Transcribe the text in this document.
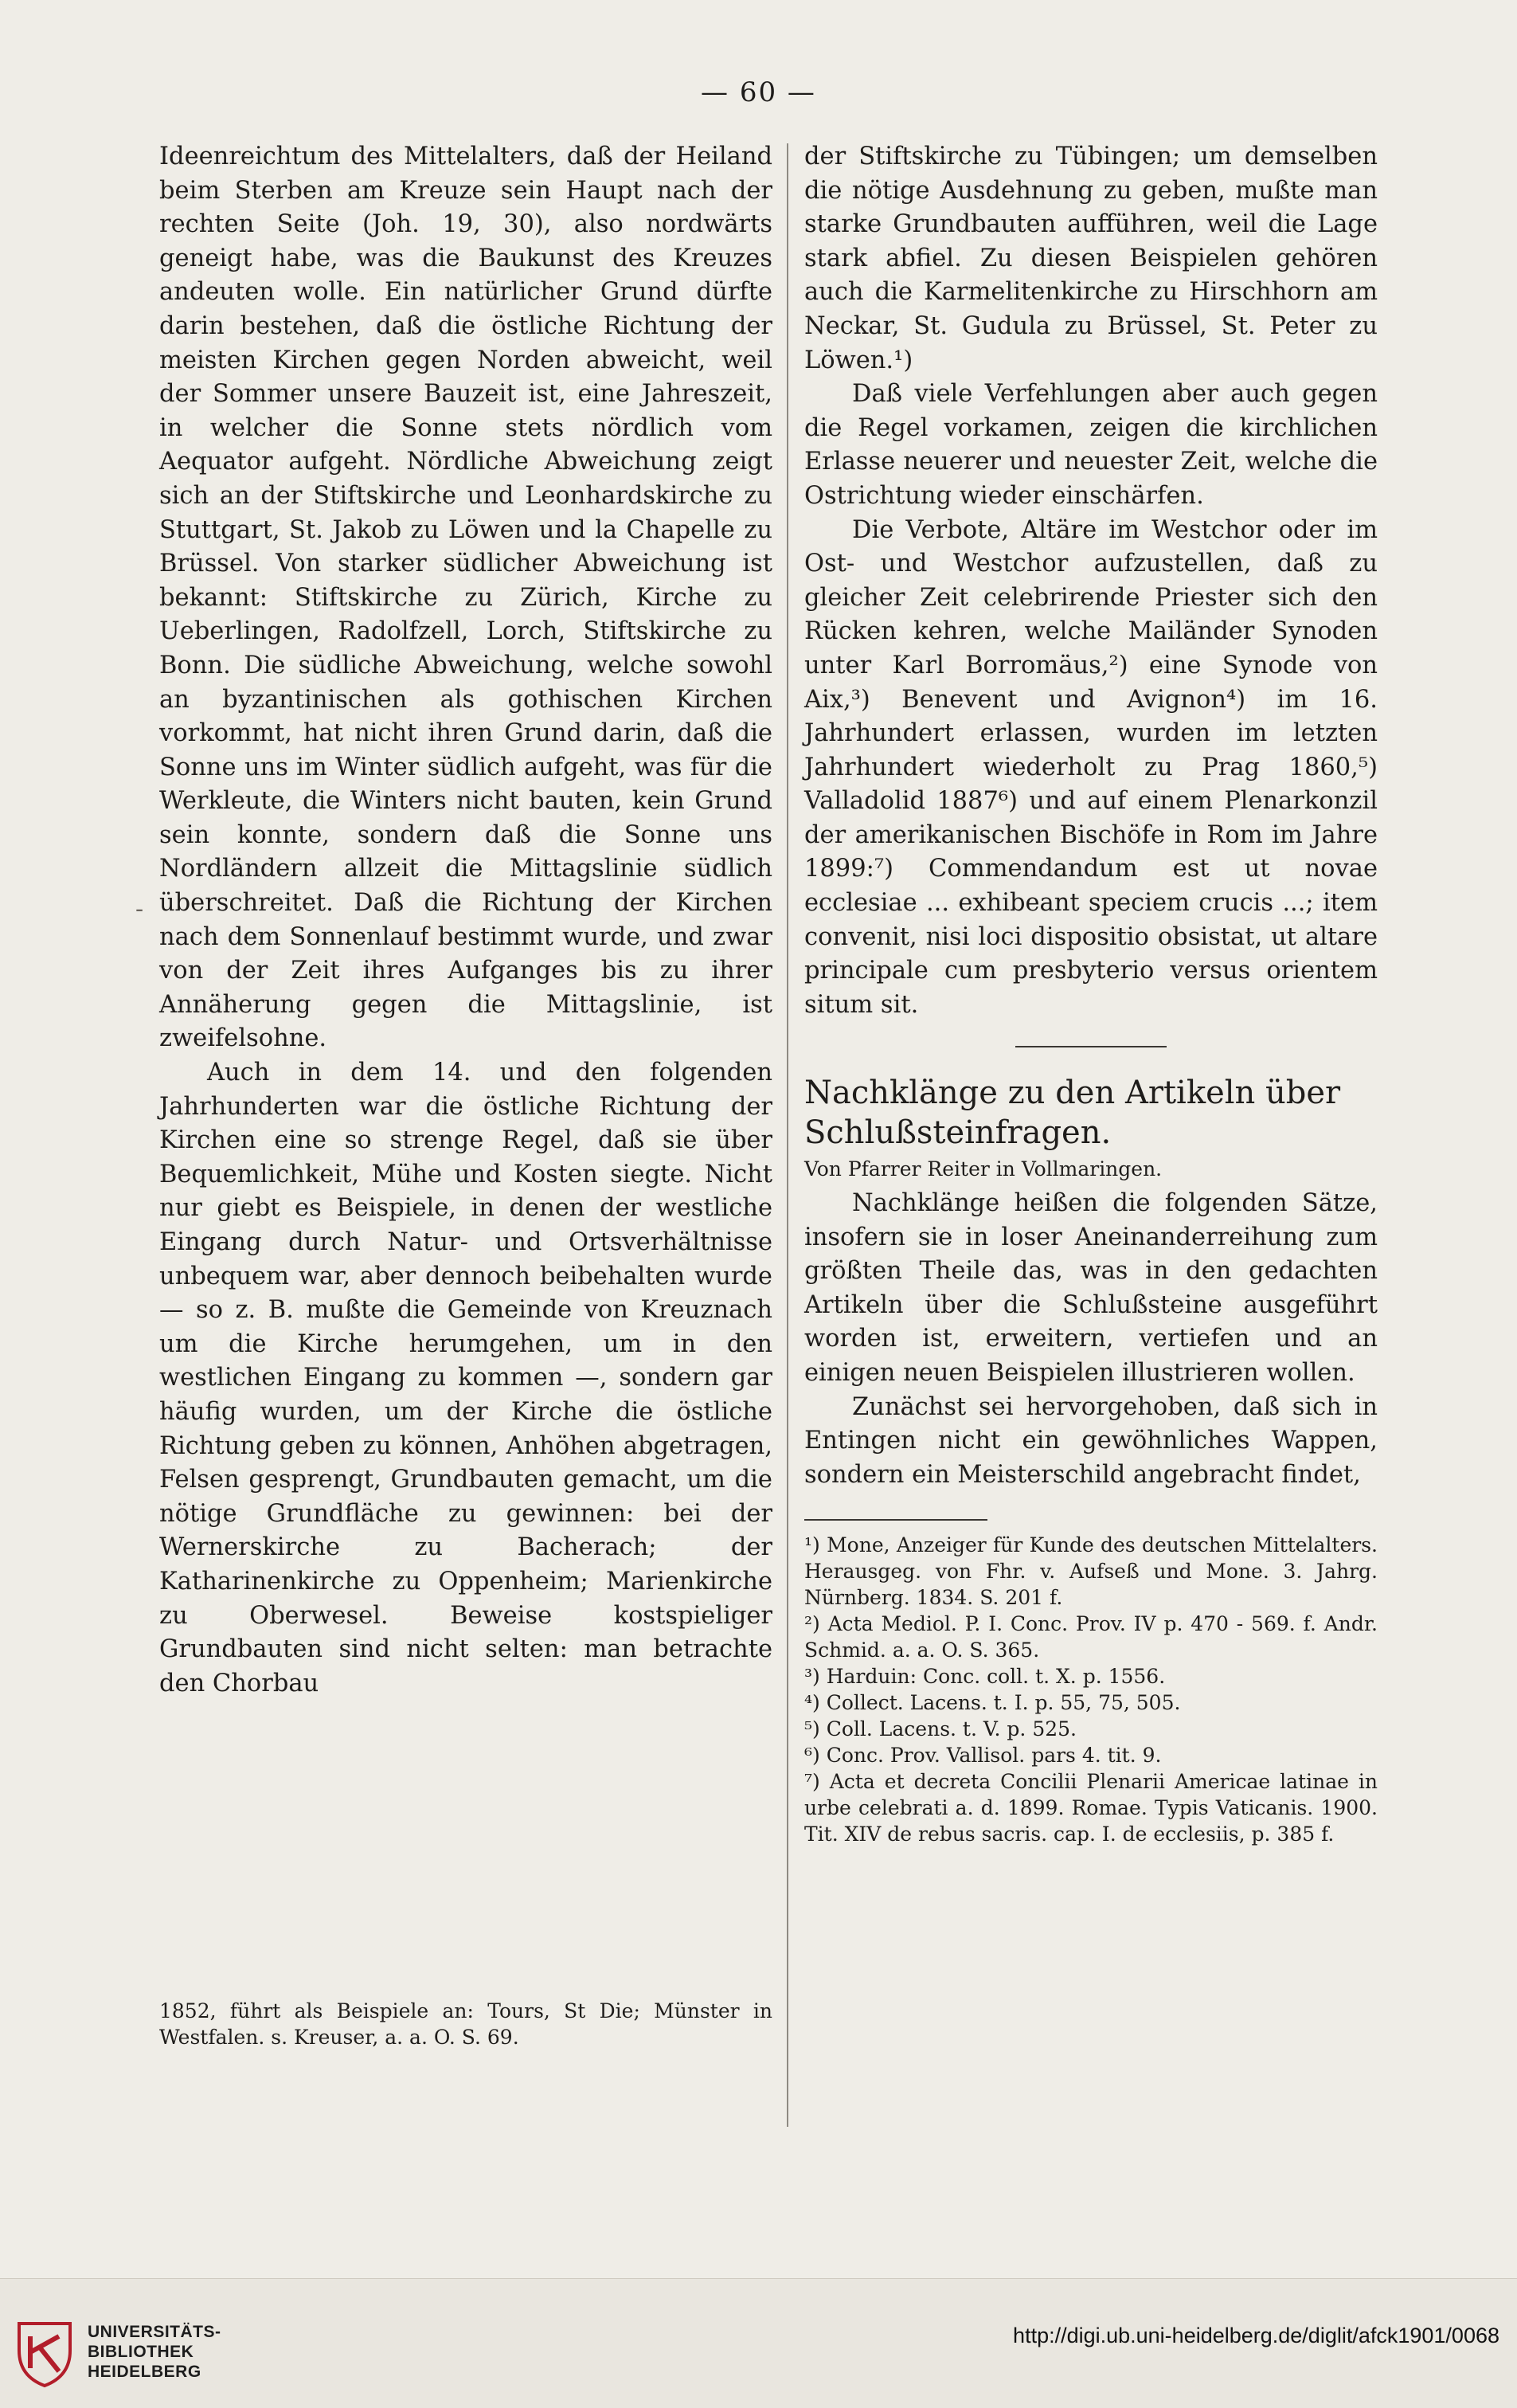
— 60 —

Ideenreichtum des Mittelalters, daß der Heiland beim Sterben am Kreuze sein Haupt nach der rechten Seite (Joh. 19, 30), also nordwärts geneigt habe, was die Baukunst des Kreuzes andeuten wolle. Ein natürlicher Grund dürfte darin bestehen, daß die östliche Richtung der meisten Kirchen gegen Norden abweicht, weil der Sommer unsere Bauzeit ist, eine Jahreszeit, in welcher die Sonne stets nördlich vom Aequator aufgeht. Nördliche Abweichung zeigt sich an der Stiftskirche und Leonhardskirche zu Stuttgart, St. Jakob zu Löwen und la Chapelle zu Brüssel. Von starker südlicher Abweichung ist bekannt: Stiftskirche zu Zürich, Kirche zu Ueberlingen, Radolfzell, Lorch, Stiftskirche zu Bonn. Die südliche Abweichung, welche sowohl an byzantinischen als gothischen Kirchen vorkommt, hat nicht ihren Grund darin, daß die Sonne uns im Winter südlich aufgeht, was für die Werkleute, die Winters nicht bauten, kein Grund sein konnte, sondern daß die Sonne uns Nordländern allzeit die Mittagslinie südlich überschreitet. Daß die Richtung der Kirchen nach dem Sonnenlauf bestimmt wurde, und zwar von der Zeit ihres Aufganges bis zu ihrer Annäherung gegen die Mittagslinie, ist zweifelsohne.

Auch in dem 14. und den folgenden Jahrhunderten war die östliche Richtung der Kirchen eine so strenge Regel, daß sie über Bequemlichkeit, Mühe und Kosten siegte. Nicht nur giebt es Beispiele, in denen der westliche Eingang durch Natur- und Ortsverhältnisse unbequem war, aber dennoch beibehalten wurde — so z. B. mußte die Gemeinde von Kreuznach um die Kirche herumgehen, um in den westlichen Eingang zu kommen —, sondern gar häufig wurden, um der Kirche die östliche Richtung geben zu können, Anhöhen abgetragen, Felsen gesprengt, Grundbauten gemacht, um die nötige Grundfläche zu gewinnen: bei der Wernerskirche zu Bacherach; der Katharinenkirche zu Oppenheim; Marienkirche zu Oberwesel. Beweise kostspieliger Grundbauten sind nicht selten: man betrachte den Chorbau

-

1852, führt als Beispiele an: Tours, St Die; Münster in Westfalen. s. Kreuser, a. a. O. S. 69.

der Stiftskirche zu Tübingen; um demselben die nötige Ausdehnung zu geben, mußte man starke Grundbauten aufführen, weil die Lage stark abfiel. Zu diesen Beispielen gehören auch die Karmelitenkirche zu Hirschhorn am Neckar, St. Gudula zu Brüssel, St. Peter zu Löwen.¹)

Daß viele Verfehlungen aber auch gegen die Regel vorkamen, zeigen die kirchlichen Erlasse neuerer und neuester Zeit, welche die Ostrichtung wieder einschärfen.

Die Verbote, Altäre im Westchor oder im Ost- und Westchor aufzustellen, daß zu gleicher Zeit celebrirende Priester sich den Rücken kehren, welche Mailänder Synoden unter Karl Borromäus,²) eine Synode von Aix,³) Benevent und Avignon⁴) im 16. Jahrhundert erlassen, wurden im letzten Jahrhundert wiederholt zu Prag 1860,⁵) Valladolid 1887⁶) und auf einem Plenarkonzil der amerikanischen Bischöfe in Rom im Jahre 1899:⁷) Commendandum est ut novae ecclesiae ... exhibeant speciem crucis ...; item convenit, nisi loci dispositio obsistat, ut altare principale cum presbyterio versus orientem situm sit.

Nachklänge zu den Artikeln über

Schlußsteinfragen.

Von Pfarrer Reiter in Vollmaringen.

Nachklänge heißen die folgenden Sätze, insofern sie in loser Aneinanderreihung zum größten Theile das, was in den gedachten Artikeln über die Schlußsteine ausgeführt worden ist, erweitern, vertiefen und an einigen neuen Beispielen illustrieren wollen.

Zunächst sei hervorgehoben, daß sich in Entingen nicht ein gewöhnliches Wappen, sondern ein Meisterschild angebracht findet,

¹) Mone, Anzeiger für Kunde des deutschen Mittelalters. Herausgeg. von Fhr. v. Aufseß und Mone. 3. Jahrg. Nürnberg. 1834. S. 201 f.

²) Acta Mediol. P. I. Conc. Prov. IV p. 470 - 569. f. Andr. Schmid. a. a. O. S. 365.

³) Harduin: Conc. coll. t. X. p. 1556.

⁴) Collect. Lacens. t. I. p. 55, 75, 505.

⁵) Coll. Lacens. t. V. p. 525.

⁶) Conc. Prov. Vallisol. pars 4. tit. 9.

⁷) Acta et decreta Concilii Plenarii Americae latinae in urbe celebrati a. d. 1899. Romae. Typis Vaticanis. 1900. Tit. XIV de rebus sacris. cap. I. de ecclesiis, p. 385 f.

UNIVERSITÄTS-
BIBLIOTHEK
HEIDELBERG
http://digi.ub.uni-heidelberg.de/diglit/afck1901/0068
